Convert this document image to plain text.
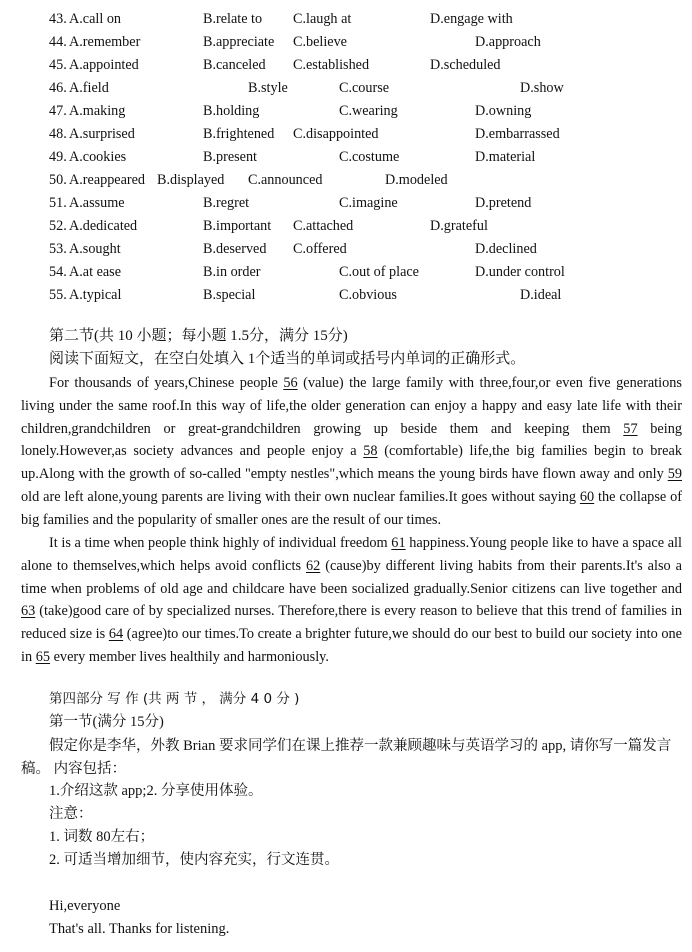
43. A.call on	B.relate to C.laugh at	D.engage with
44. A.remember	B.appreciate C.believe	D.approach
45. A.appointed	B.canceled C.established	D.scheduled
46. A.field	B.style	C.course	D.show
47. A.making	B.holding	C.wearing	D.owning
48. A.surprised	B.frightened C.disappointed	D.embarrassed
49. A.cookies	B.present	C.costume	D.material
50. A.reappeared B.displayed C.announced	D.modeled
51. A.assume	B.regret	C.imagine	D.pretend
52. A.dedicated	B.important C.attached	D.grateful
53. A.sought	B.deserved C.offered	D.declined
54. A.at ease	B.in order	C.out of place	D.under control
55. A.typical	B.special	C.obvious	D.ideal
第二节(共 10 小题；每小题 1.5分，满分 15分)
阅读下面短文，在空白处填入 1个适当的单词或括号内单词的正确形式。
For thousands of years,Chinese people 56 (value) the large family with three,four,or even five generations living under the same roof.In this way of life,the older generation can enjoy a happy and easy late life with their children,grandchildren or great-grandchildren growing up beside them and keeping them 57 being lonely.However,as society advances and people enjoy a 58 (comfortable) life,the big families begin to break up.Along with the growth of so-called "empty nestles",which means the young birds have flown away and only 59 old are left alone,young parents are living with their own nuclear families.It goes without saying 60 the collapse of big families and the popularity of smaller ones are the result of our times.
It is a time when people think highly of individual freedom 61 happiness.Young people like to have a space all alone to themselves,which helps avoid conflicts 62 (cause)by different living habits from their parents.It's also a time when problems of old age and childcare have been socialized gradually.Senior citizens can live together and 63 (take)good care of by specialized nurses. Therefore,there is every reason to believe that this trend of families in reduced size is 64 (agree)to our times.To create a brighter future,we should do our best to build our society into one in 65 every member lives healthily and harmoniously.
第四部分 写 作 (共 两 节 ， 满分 4 0 分 )
第一节(满分 15分)
假定你是李华，外教 Brian 要求同学们在课上推荐一款兼顾趣味与英语学习的 app, 请你写一篇发言稿。 内容包括：
1.介绍这款 app;2. 分享使用体验。
注意：
1. 词数 80左右；
2. 可适当增加细节，使内容充实，行文连贯。
Hi,everyone
That's all. Thanks for listening.
